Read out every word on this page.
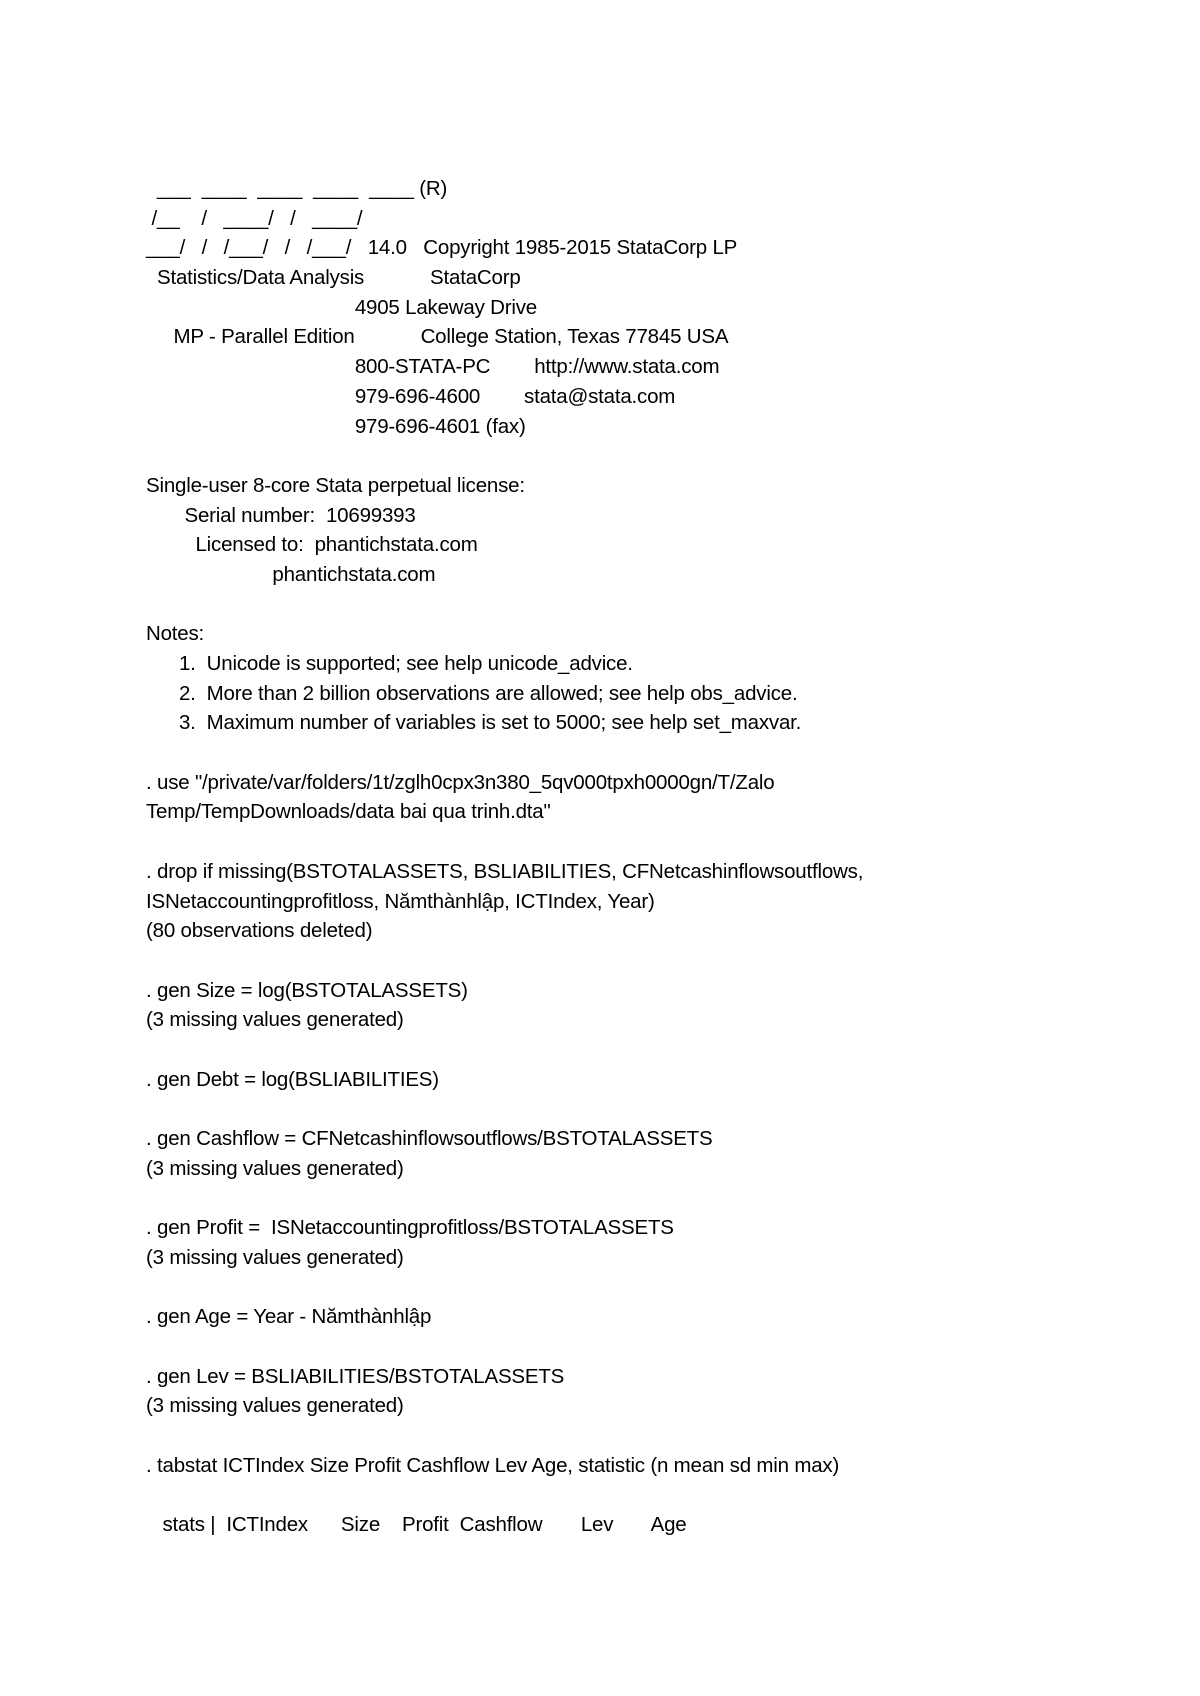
___  ____  ____  ____  ____ (R)
/__    /   ____/   /   ____/
___/   /   /___/   /   /___/   14.0   Copyright 1985-2015 StataCorp LP
Statistics/Data Analysis            StataCorp
4905 Lakeway Drive
MP - Parallel Edition            College Station, Texas 77845 USA
800-STATA-PC        http://www.stata.com
979-696-4600        stata@stata.com
979-696-4601 (fax)
Single-user 8-core Stata perpetual license:
Serial number:  10699393
Licensed to:  phantichstata.com
phantichstata.com
Notes:
1.  Unicode is supported; see help unicode_advice.
2.  More than 2 billion observations are allowed; see help obs_advice.
3.  Maximum number of variables is set to 5000; see help set_maxvar.
. use "/private/var/folders/1t/zglh0cpx3n380_5qv000tpxh0000gn/T/Zalo
Temp/TempDownloads/data bai qua trinh.dta"
. drop if missing(BSTOTALASSETS, BSLIABILITIES, CFNetcashinflowsoutflows,
ISNetaccountingprofitloss, Nămthànhlập, ICTIndex, Year)
(80 observations deleted)
. gen Size = log(BSTOTALASSETS)
(3 missing values generated)
. gen Debt = log(BSLIABILITIES)
. gen Cashflow = CFNetcashinflowsoutflows/BSTOTALASSETS
(3 missing values generated)
. gen Profit =  ISNetaccountingprofitloss/BSTOTALASSETS
(3 missing values generated)
. gen Age = Year - Nămthànhlập
. gen Lev = BSLIABILITIES/BSTOTALASSETS
(3 missing values generated)
. tabstat ICTIndex Size Profit Cashflow Lev Age, statistic (n mean sd min max)
stats |  ICTIndex      Size    Profit  Cashflow       Lev       Age
